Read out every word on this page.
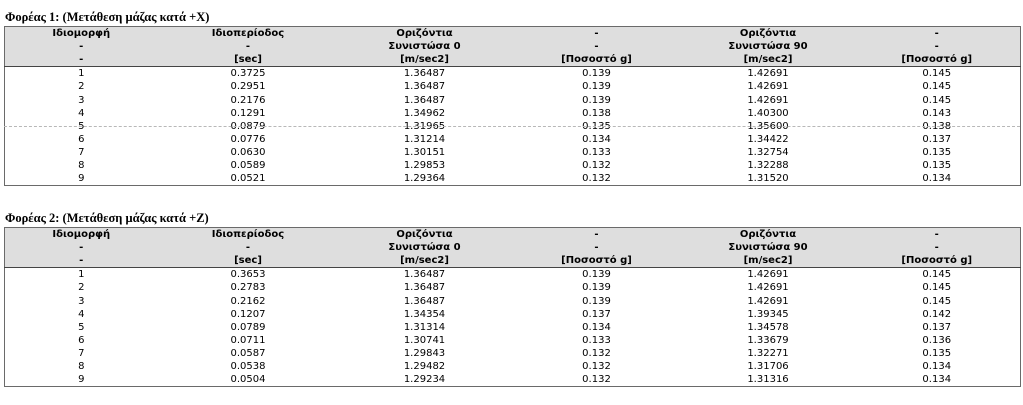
Φορέας 1: (Μετάθεση μάζας κατά +X)
Ιδιομορφή	Ιδιοπερίοδος	Οριζόντια	-	Οριζόντια	-
-	-	Συνιστώσα 0	-	Συνιστώσα 90	-
-	[sec]	[m/sec2]	[Ποσοστό g]	[m/sec2]	[Ποσοστό g]
1	0.3725	1.36487	0.139	1.42691	0.145
2	0.2951	1.36487	0.139	1.42691	0.145
3	0.2176	1.36487	0.139	1.42691	0.145
4	0.1291	1.34962	0.138	1.40300	0.143
5	0.0879	1.31965	0.135	1.35600	0.138
6	0.0776	1.31214	0.134	1.34422	0.137
7	0.0630	1.30151	0.133	1.32754	0.135
8	0.0589	1.29853	0.132	1.32288	0.135
9	0.0521	1.29364	0.132	1.31520	0.134
Φορέας 2: (Μετάθεση μάζας κατά +Z)
Ιδιομορφή	Ιδιοπερίοδος	Οριζόντια	-	Οριζόντια	-
-	-	Συνιστώσα 0	-	Συνιστώσα 90	-
-	[sec]	[m/sec2]	[Ποσοστό g]	[m/sec2]	[Ποσοστό g]
1	0.3653	1.36487	0.139	1.42691	0.145
2	0.2783	1.36487	0.139	1.42691	0.145
3	0.2162	1.36487	0.139	1.42691	0.145
4	0.1207	1.34354	0.137	1.39345	0.142
5	0.0789	1.31314	0.134	1.34578	0.137
6	0.0711	1.30741	0.133	1.33679	0.136
7	0.0587	1.29843	0.132	1.32271	0.135
8	0.0538	1.29482	0.132	1.31706	0.134
9	0.0504	1.29234	0.132	1.31316	0.134
